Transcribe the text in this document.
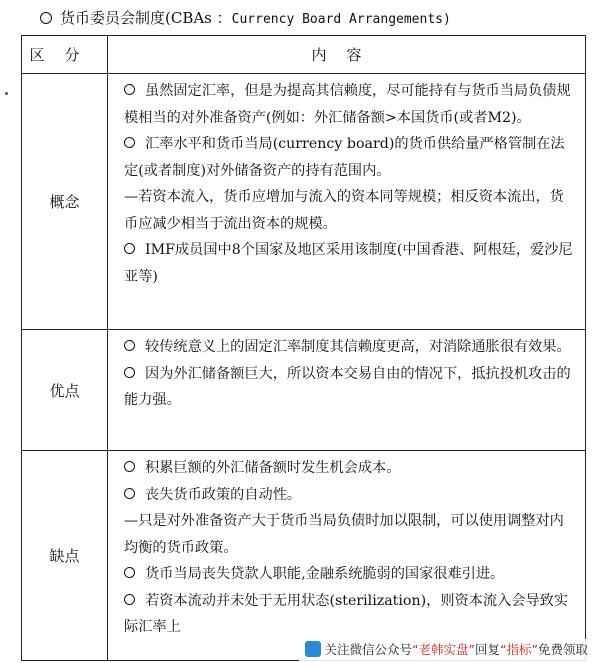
货币委员会制度(CBAs ：Currency Board Arrangements)
区分	内容
概念	虽然固定汇率，但是为提高其信赖度，尽可能持有与货币当局负债规模相当的对外准备资产(例如：外汇储备额>本国货币(或者M2)。

汇率水平和货币当局(currency board)的货币供给量严格管制在法定(或者制度)对外储备资产的持有范围内。

—若资本流入，货币应增加与流入的资本同等规模；相反资本流出，货币应减少相当于流出资本的规模。

IMF成员国中8个国家及地区采用该制度(中国香港、阿根廷，爱沙尼亚等)

优点	较传统意义上的固定汇率制度其信赖度更高，对消除通胀很有效果。

因为外汇储备额巨大，所以资本交易自由的情况下，抵抗投机攻击的能力强。

缺点	积累巨额的外汇储备额时发生机会成本。

丧失货币政策的自动性。

—只是对外准备资产大于货币当局负债时加以限制，可以使用调整对内均衡的货币政策。

货币当局丧失贷款人职能,金融系统脆弱的国家很难引进。

若资本流动并未处于无用状态(sterilization)，则资本流入会导致实际汇率上

关注微信公众号“老韩实盘”回复“指标”免费领取
